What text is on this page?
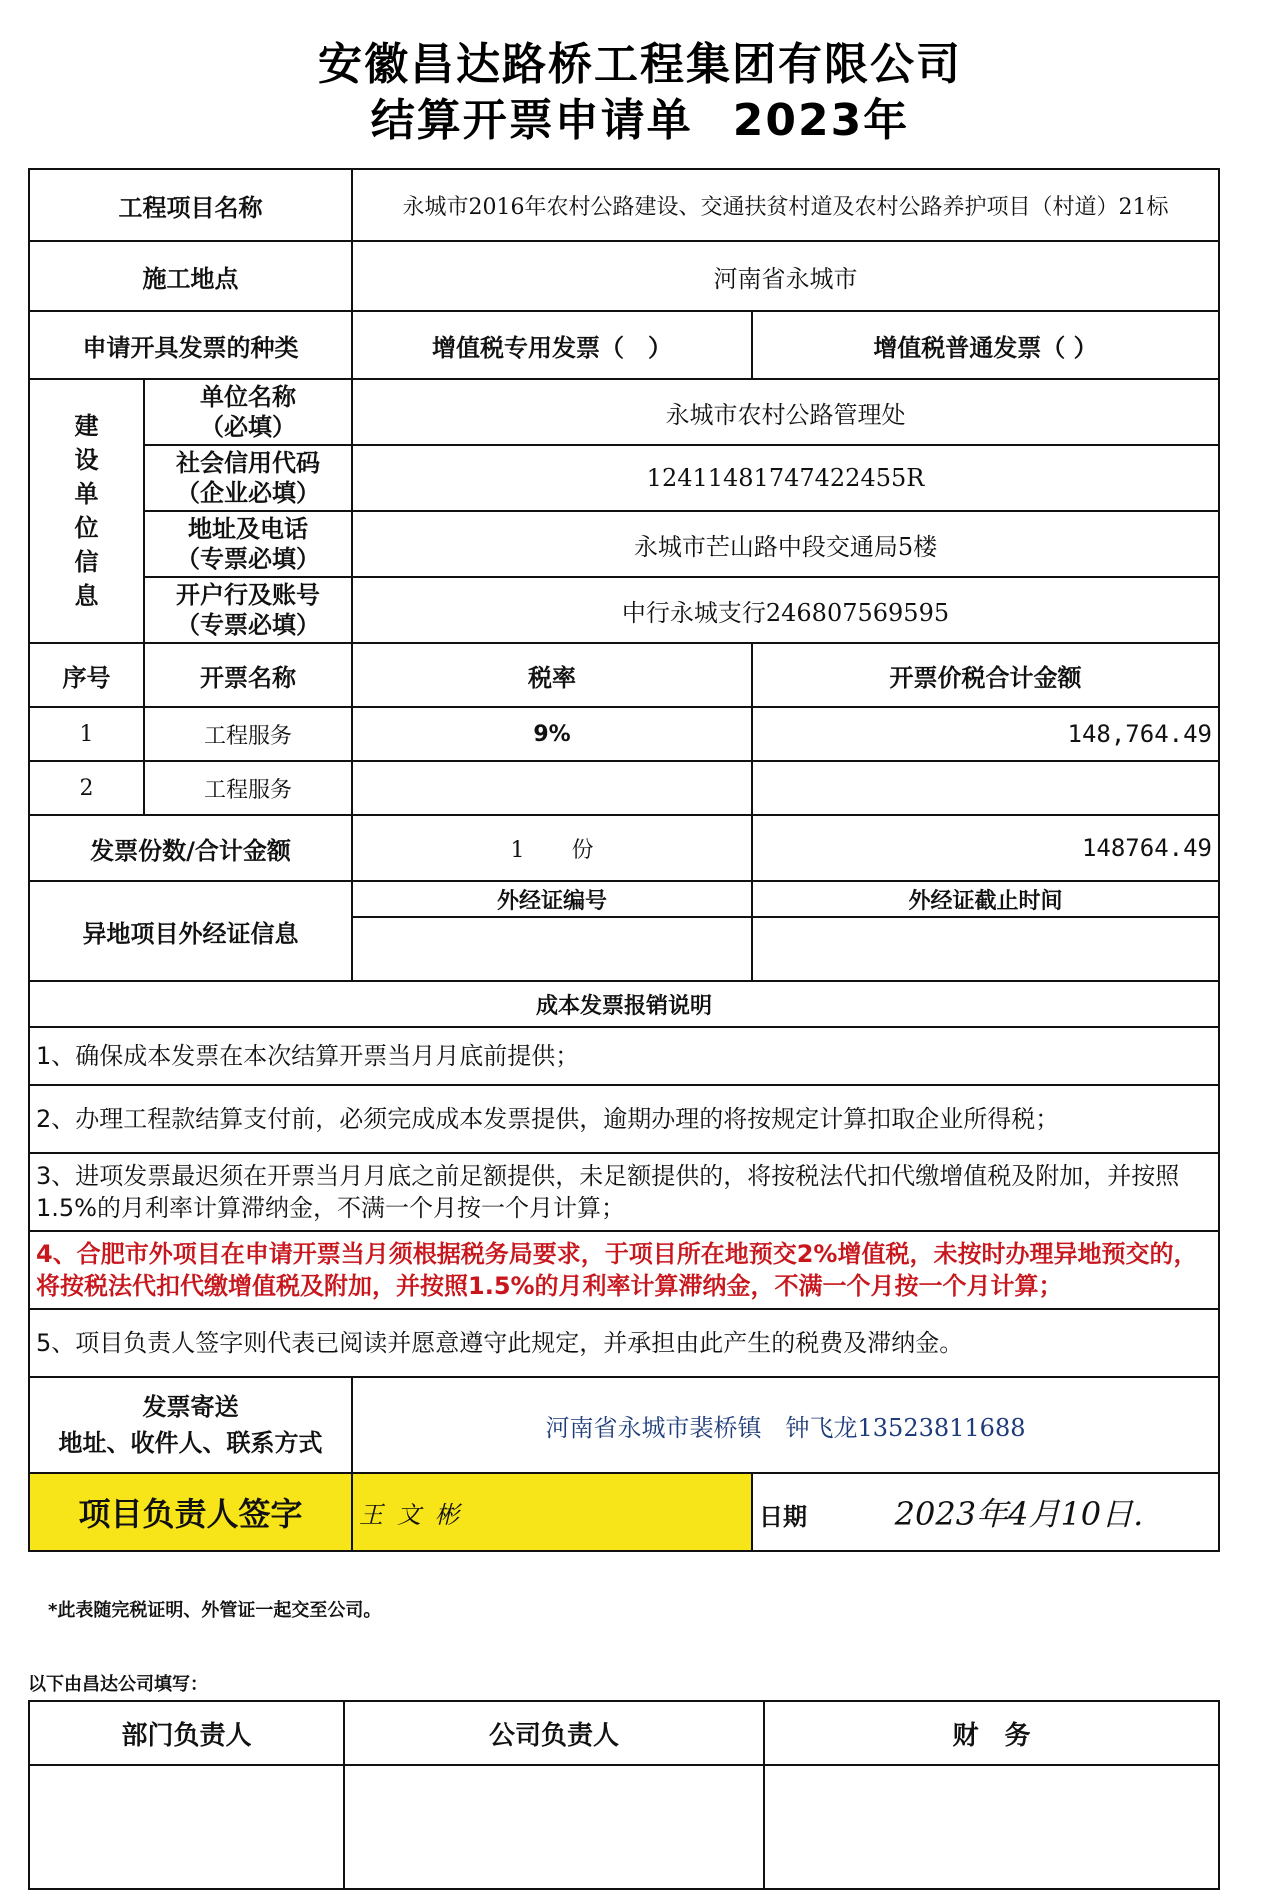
安徽昌达路桥工程集团有限公司
结算开票申请单 2023年
工程项目名称		永城市2016年农村公路建设、交通扶贫村道及农村公路养护项目（村道）21标	
施工地点		河南省永城市	
申请开具发票的种类		增值税专用发票（　）	增值税普通发票（ ）

建设单位信息	单位名称
（必填）	永城市农村公路管理处	

	社会信用代码
（企业必填）	12411481747422455R	

	地址及电话
（专票必填）	永城市芒山路中段交通局5楼	

	开户行及账号
（专票必填）	中行永城支行246807569595	
序号	开票名称	税率	开票价税合计金额
1	工程服务	9%	148,764.49
2	工程服务		
发票份数/合计金额		1 份	148764.49
异地项目外经证信息		外经证编号	外经证截止时间

成本发票报销说明			
1、确保成本发票在本次结算开票当月月底前提供；			
2、办理工程款结算支付前，必须完成成本发票提供，逾期办理的将按规定计算扣取企业所得税；			
3、进项发票最迟须在开票当月月底之前足额提供，未足额提供的，将按税法代扣代缴增值税及附加，并按照1.5%的月利率计算滞纳金，不满一个月按一个月计算；			
4、合肥市外项目在申请开票当月须根据税务局要求，于项目所在地预交2%增值税，未按时办理异地预交的，将按税法代扣代缴增值税及附加，并按照1.5%的月利率计算滞纳金，不满一个月按一个月计算；			
5、项目负责人签字则代表已阅读并愿意遵守此规定，并承担由此产生的税费及滞纳金。			

发票寄送
地址、收件人、联系方式		河南省永城市裴桥镇　钟飞龙13523811688	
项目负责人签字		王文彬	日期 2023年4月10日.
*此表随完税证明、外管证一起交至公司。
以下由昌达公司填写：
部门负责人	公司负责人	财　务
